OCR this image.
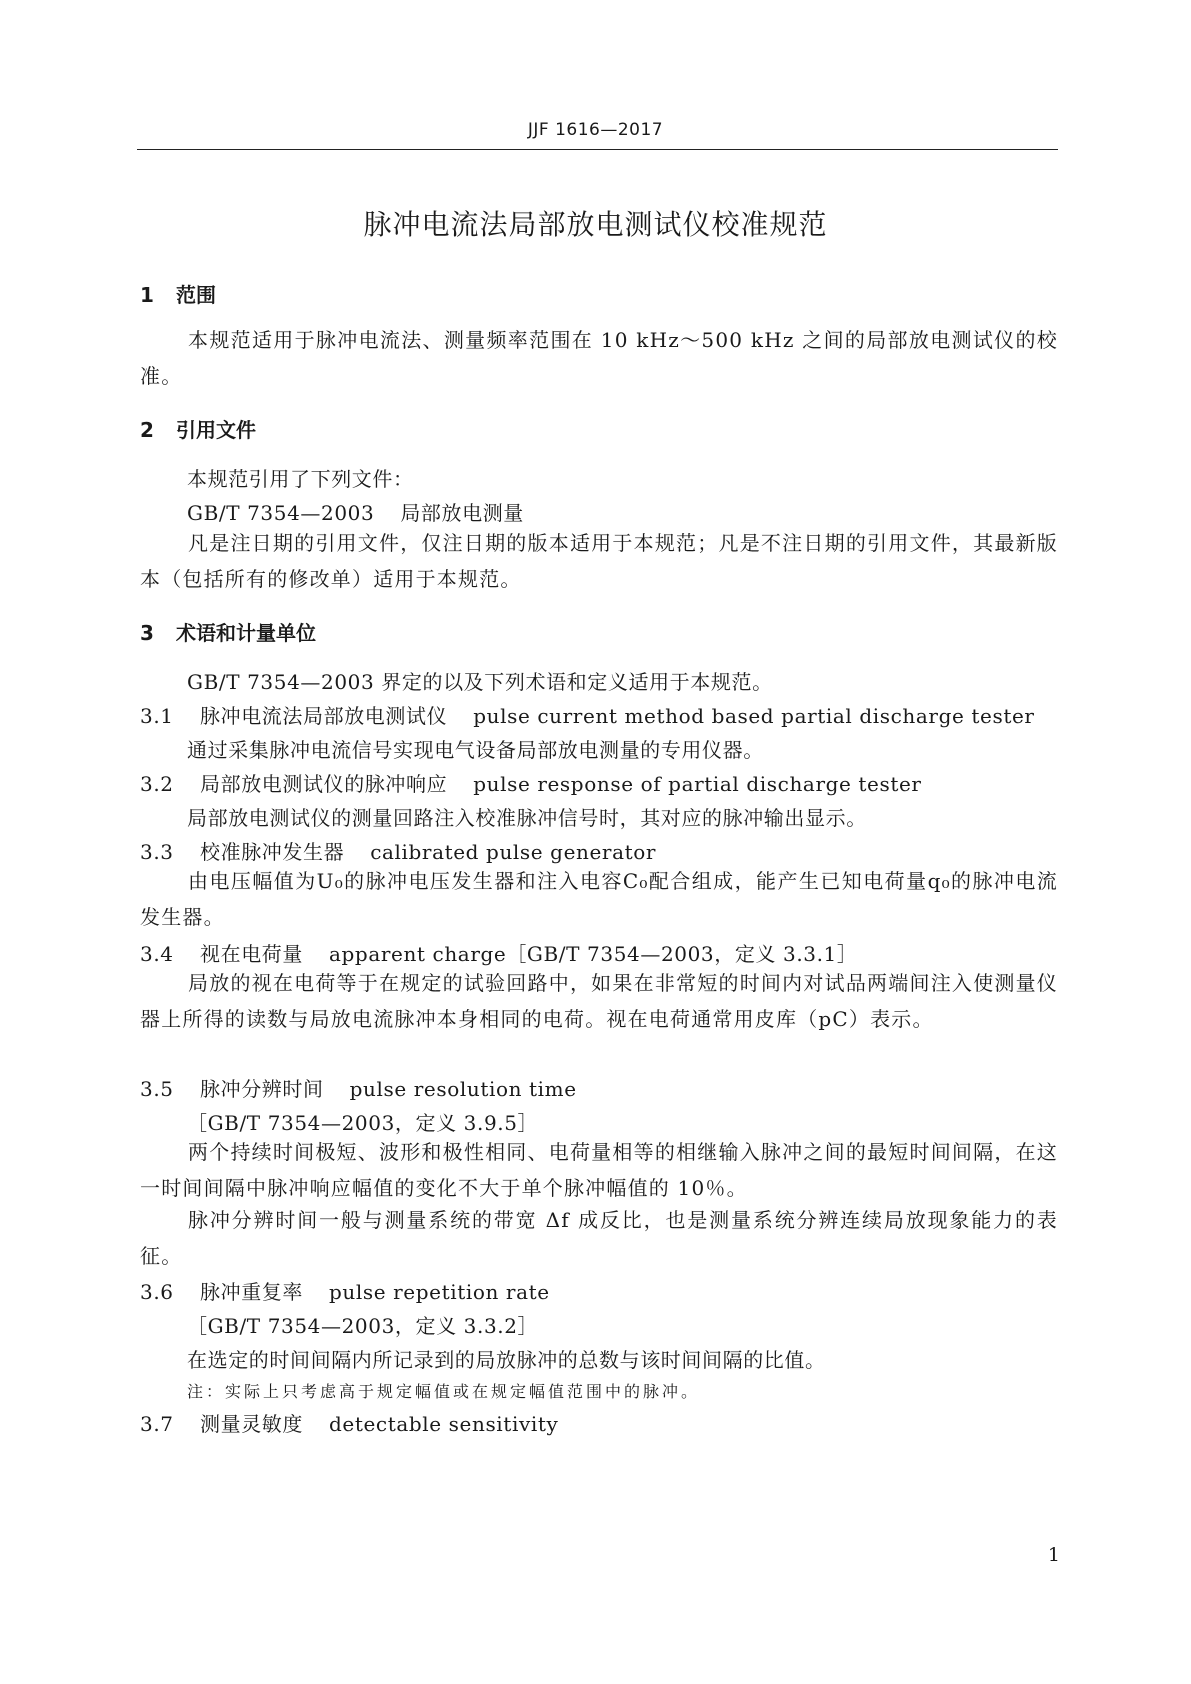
JJF 1616—2017
脉冲电流法局部放电测试仪校准规范
1 范围
本规范适用于脉冲电流法、测量频率范围在 10 kHz～500 kHz 之间的局部放电测试仪的校准。
2 引用文件
本规范引用了下列文件：
GB/T 7354—2003 局部放电测量
凡是注日期的引用文件，仅注日期的版本适用于本规范；凡是不注日期的引用文件，其最新版本（包括所有的修改单）适用于本规范。
3 术语和计量单位
GB/T 7354—2003 界定的以及下列术语和定义适用于本规范。
3.1 脉冲电流法局部放电测试仪 pulse current method based partial discharge tester
通过采集脉冲电流信号实现电气设备局部放电测量的专用仪器。
3.2 局部放电测试仪的脉冲响应 pulse response of partial discharge tester
局部放电测试仪的测量回路注入校准脉冲信号时，其对应的脉冲输出显示。
3.3 校准脉冲发生器 calibrated pulse generator
由电压幅值为U₀的脉冲电压发生器和注入电容C₀配合组成，能产生已知电荷量q₀的脉冲电流发生器。
3.4 视在电荷量 apparent charge［GB/T 7354—2003，定义 3.3.1］
局放的视在电荷等于在规定的试验回路中，如果在非常短的时间内对试品两端间注入使测量仪器上所得的读数与局放电流脉冲本身相同的电荷。视在电荷通常用皮库（pC）表示。
3.5 脉冲分辨时间 pulse resolution time
［GB/T 7354—2003，定义 3.9.5］
两个持续时间极短、波形和极性相同、电荷量相等的相继输入脉冲之间的最短时间间隔，在这一时间间隔中脉冲响应幅值的变化不大于单个脉冲幅值的 10％。
脉冲分辨时间一般与测量系统的带宽 Δf 成反比，也是测量系统分辨连续局放现象能力的表征。
3.6 脉冲重复率 pulse repetition rate
［GB/T 7354—2003，定义 3.3.2］
在选定的时间间隔内所记录到的局放脉冲的总数与该时间间隔的比值。
注：实际上只考虑高于规定幅值或在规定幅值范围中的脉冲。
3.7 测量灵敏度 detectable sensitivity
1
